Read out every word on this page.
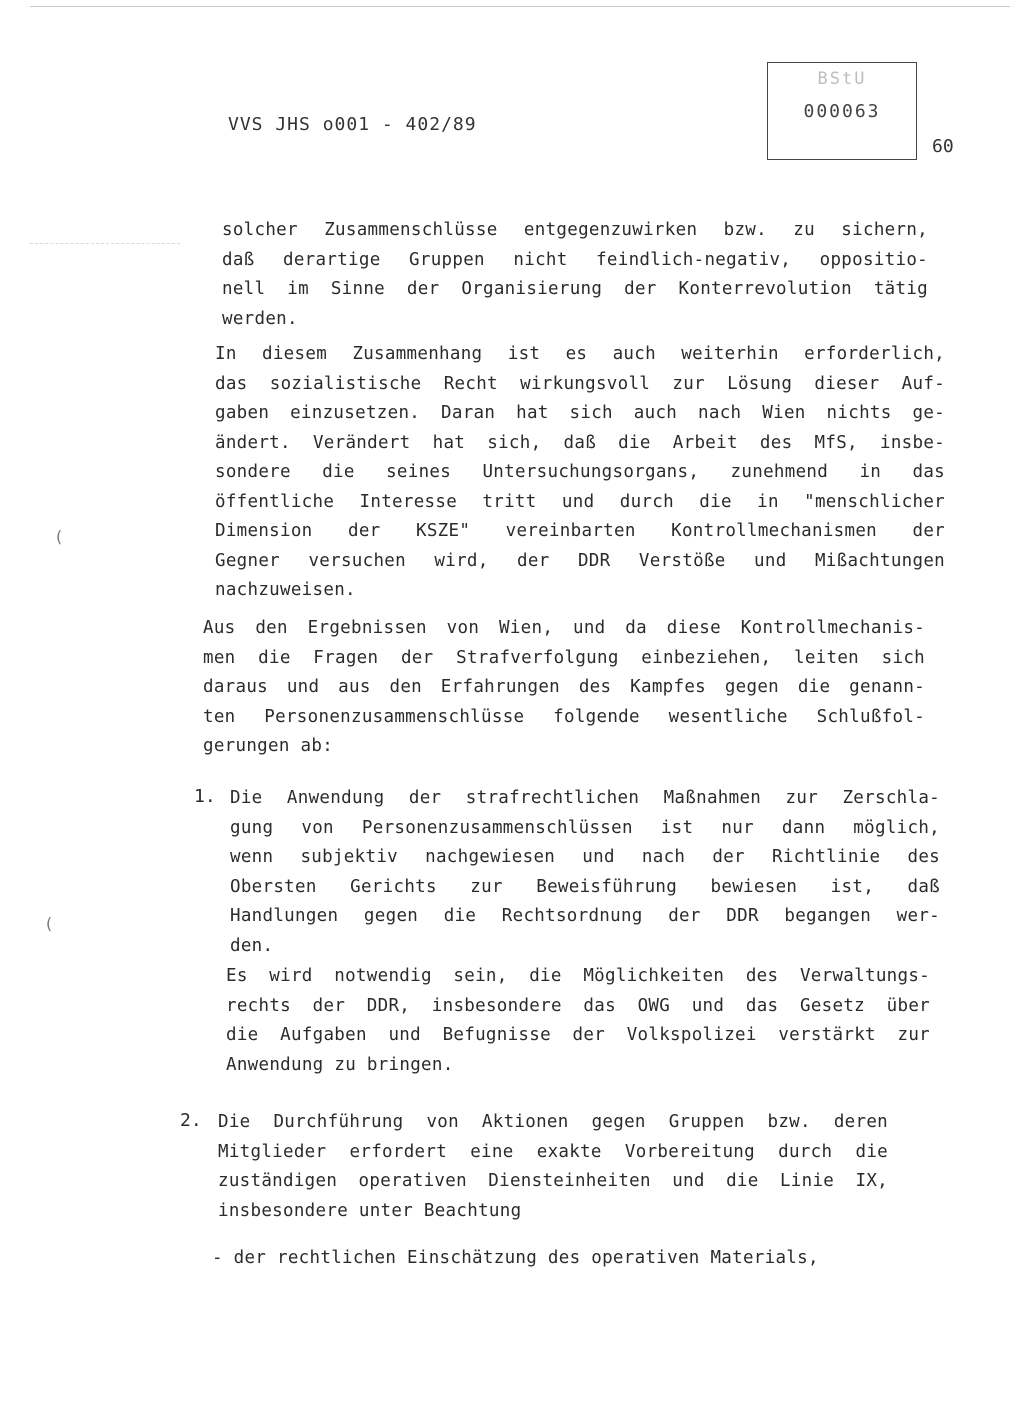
VVS JHS o001 - 402/89
BStU
000063
60
solcher Zusammenschlüsse entgegenzuwirken bzw. zu sichern,
daß derartige Gruppen nicht feindlich-negativ, oppositio-
nell im Sinne der Organisierung der Konterrevolution tätig
werden.
In diesem Zusammenhang ist es auch weiterhin erforderlich,
das sozialistische Recht wirkungsvoll zur Lösung dieser Auf-
gaben einzusetzen. Daran hat sich auch nach Wien nichts ge-
ändert. Verändert hat sich, daß die Arbeit des MfS, insbe-
sondere die seines Untersuchungsorgans, zunehmend in das
öffentliche Interesse tritt und durch die in "menschlicher
Dimension der KSZE" vereinbarten Kontrollmechanismen der
Gegner versuchen wird, der DDR Verstöße und Mißachtungen
nachzuweisen.
(
Aus den Ergebnissen von Wien, und da diese Kontrollmechanis-
men die Fragen der Strafverfolgung einbeziehen, leiten sich
daraus und aus den Erfahrungen des Kampfes gegen die genann-
ten Personenzusammenschlüsse folgende wesentliche Schlußfol-
gerungen ab:
1. Die Anwendung der strafrechtlichen Maßnahmen zur Zerschla-
gung von Personenzusammenschlüssen ist nur dann möglich,
wenn subjektiv nachgewiesen und nach der Richtlinie des
Obersten Gerichts zur Beweisführung bewiesen ist, daß
Handlungen gegen die Rechtsordnung der DDR begangen wer-
den.
(
Es wird notwendig sein, die Möglichkeiten des Verwaltungs-
rechts der DDR, insbesondere das OWG und das Gesetz über
die Aufgaben und Befugnisse der Volkspolizei verstärkt zur
Anwendung zu bringen.
2. Die Durchführung von Aktionen gegen Gruppen bzw. deren
Mitglieder erfordert eine exakte Vorbereitung durch die
zuständigen operativen Diensteinheiten und die Linie IX,
insbesondere unter Beachtung
- der rechtlichen Einschätzung des operativen Materials,
